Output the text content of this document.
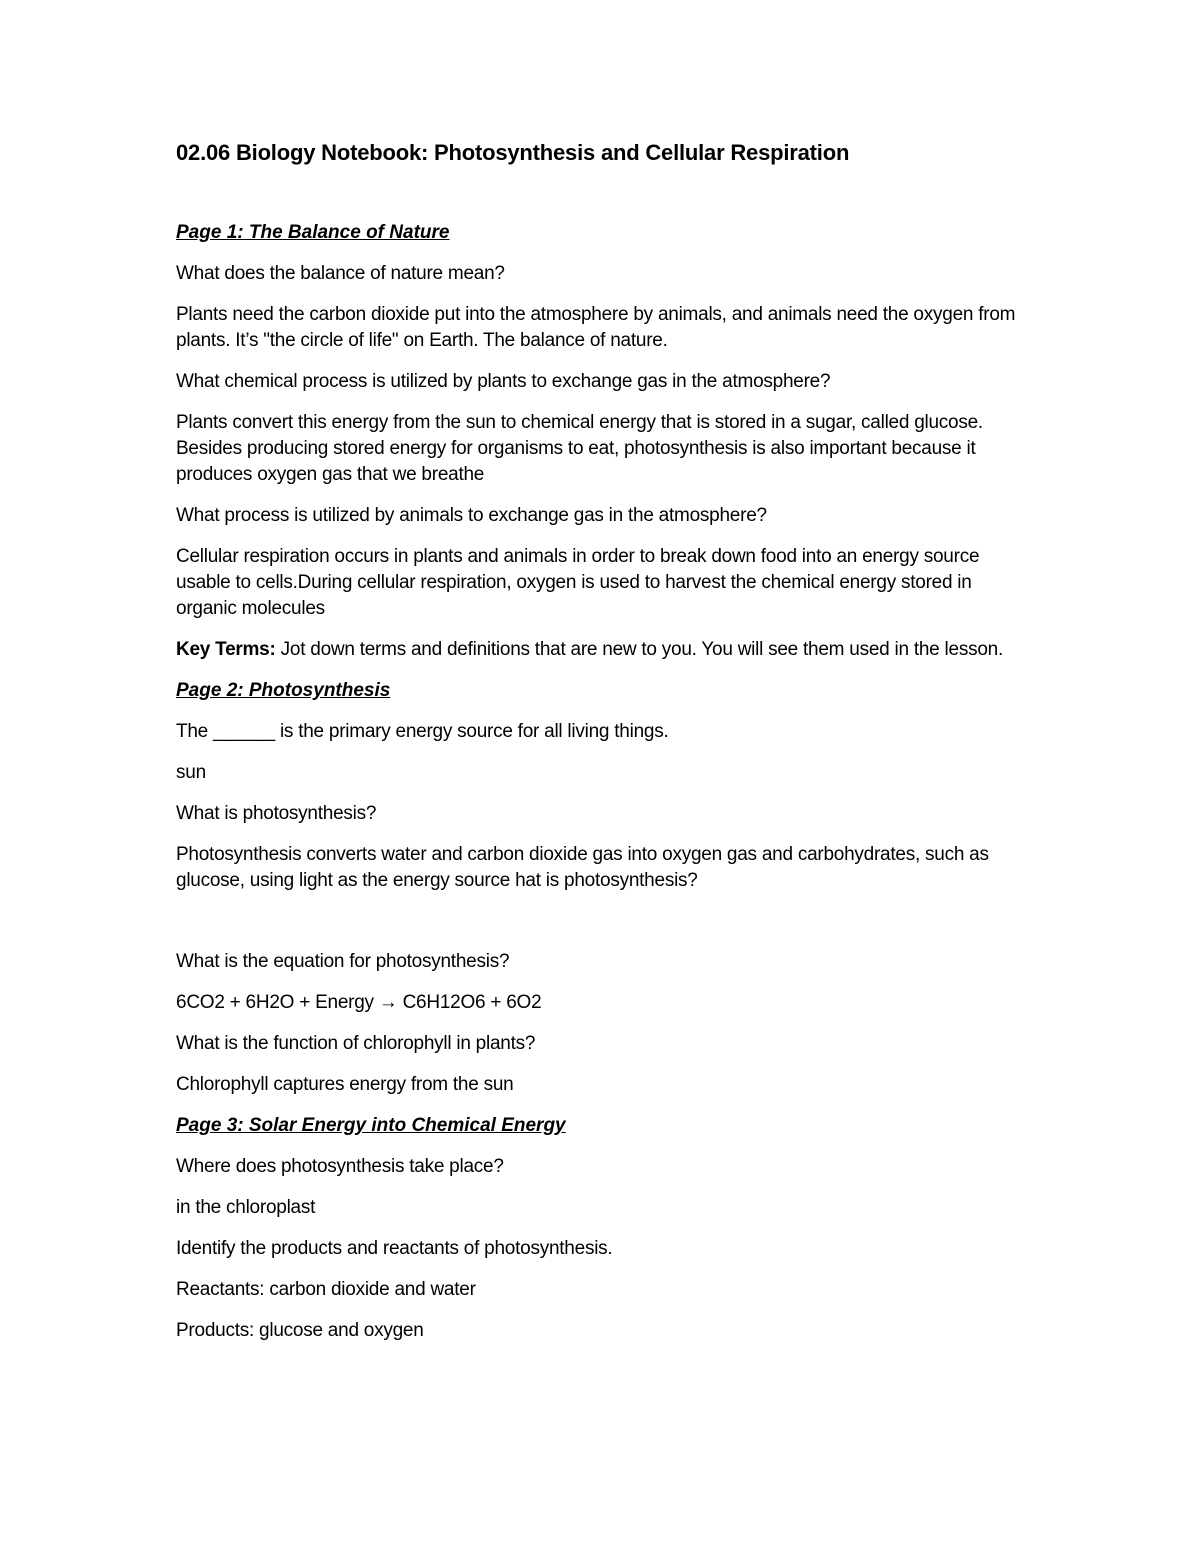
02.06 Biology Notebook: Photosynthesis and Cellular Respiration
Page 1: The Balance of Nature

What does the balance of nature mean?

Plants need the carbon dioxide put into the atmosphere by animals, and animals need the oxygen from plants. It’s "the circle of life" on Earth. The balance of nature.

What chemical process is utilized by plants to exchange gas in the atmosphere?

Plants convert this energy from the sun to chemical energy that is stored in a sugar, called glucose. Besides producing stored energy for organisms to eat, photosynthesis is also important because it produces oxygen gas that we breathe

What process is utilized by animals to exchange gas in the atmosphere?

Cellular respiration occurs in plants and animals in order to break down food into an energy source usable to cells.During cellular respiration, oxygen is used to harvest the chemical energy stored in organic molecules

Key Terms: Jot down terms and definitions that are new to you. You will see them used in the lesson.

Page 2: Photosynthesis

The ______ is the primary energy source for all living things.

sun

What is photosynthesis?

Photosynthesis converts water and carbon dioxide gas into oxygen gas and carbohydrates, such as glucose, using light as the energy source hat is photosynthesis?

What is the equation for photosynthesis?

6CO2 + 6H2O + Energy → C6H12O6 + 6O2

What is the function of chlorophyll in plants?

Chlorophyll captures energy from the sun

Page 3: Solar Energy into Chemical Energy

Where does photosynthesis take place?

in the chloroplast

Identify the products and reactants of photosynthesis.

Reactants: carbon dioxide and water

Products: glucose and oxygen
